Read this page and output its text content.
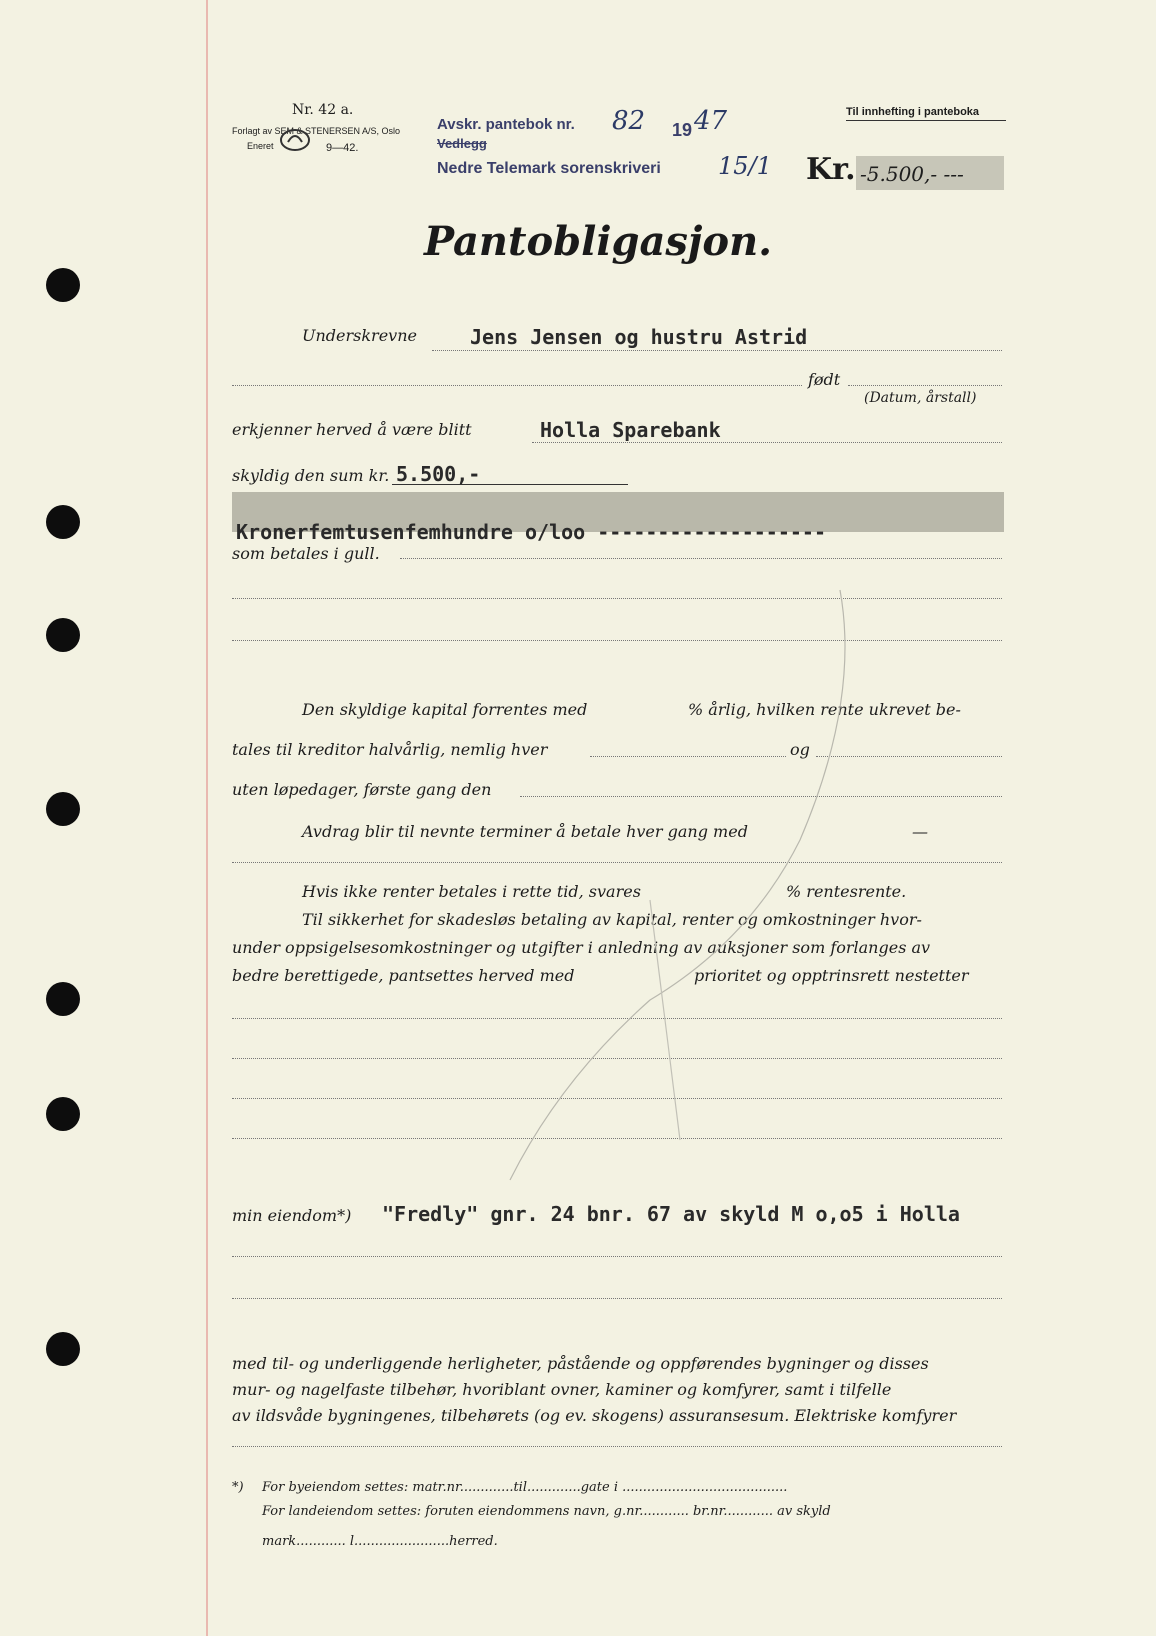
Nr. 42 a.
Forlagt av SEM & STENERSEN A/S, Oslo
Eneret	9—42.
Avskr. pantebok nr.
Vedlegg
82 19 47
Nedre Telemark sorenskriveri 15/1
Til innhefting i panteboka
Kr. -5.500,- ---
Pantobligasjon.
Underskrevne	Jens Jensen og hustru Astrid
født
(Datum, årstall)
erkjenner herved å være blitt	Holla Sparebank
skyldig den sum kr. 5.500,-
Kronerfemtusenfemhundre o/loo -------------------
som betales i gull.
Den skyldige kapital forrentes med	% årlig, hvilken rente ukrevet be-
tales til kreditor halvårlig, nemlig hver	og
uten løpedager, første gang den
Avdrag blir til nevnte terminer å betale hver gang med	—
Hvis ikke renter betales i rette tid, svares	% rentesrente.
Til sikkerhet for skadesløs betaling av kapital, renter og omkostninger hvor-
under oppsigelsesomkostninger og utgifter i anledning av auksjoner som forlanges av
bedre berettigede, pantsettes herved med	prioritet og opptrinsrett nestetter
min eiendom*) "Fredly" gnr. 24 bnr. 67 av skyld M o,o5 i Holla
med til- og underliggende herligheter, påstående og oppførendes bygninger og disses
mur- og nagelfaste tilbehør, hvoriblant ovner, kaminer og komfyrer, samt i tilfelle
av ildsvåde bygningenes, tilbehørets (og ev. skogens) assuransesum. Elektriske komfyrer
*) For byeiendom settes: matr.nr.............til.............gate i ........................................
For landeiendom settes: foruten eiendommens navn, g.nr............ br.nr............ av skyld
mark............ l.......................herred.
